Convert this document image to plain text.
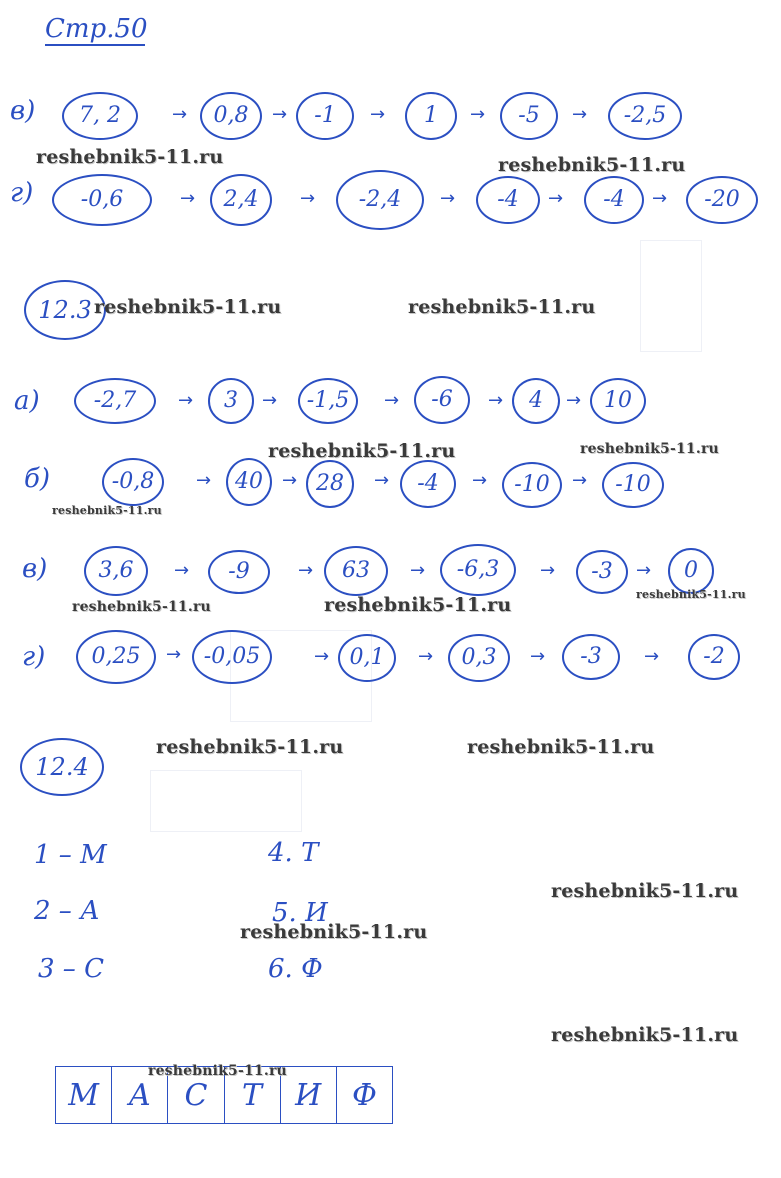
Стр.50
в)	7, 2	→	0,8	→	-1	→	1	→	-5	→	-2,5
reshebnik5-11.ru	reshebnik5-11.ru
г)	-0,6	→	2,4	→	-2,4	→	-4	→	-4	→	-20
12.3 reshebnik5-11.ru	reshebnik5-11.ru
а)	-2,7	→	3	→	-1,5	→	-6	→	4	→	10
reshebnik5-11.ru	reshebnik5-11.ru
б)	-0,8	→	40	→ 28	→	-4	→	-10	→	-10
reshebnik5-11.ru
в)	3,6	→	-9	→	63	→	-6,3	→	-3	→	0
reshebnik5-11.ru	reshebnik5-11.ru	reshebnik5-11.ru
г)	0,25	→	-0,05	→ 0,1	→	0,3	→	-3	→	-2
12.4
reshebnik5-11.ru	reshebnik5-11.ru
1 – М
2 – А
3 – С
4. Т
5. И
6. Ф
reshebnik5-11.ru
reshebnik5-11.ru
reshebnik5-11.ru
reshebnik5-11.ru
М	А	С	Т	И	Ф
